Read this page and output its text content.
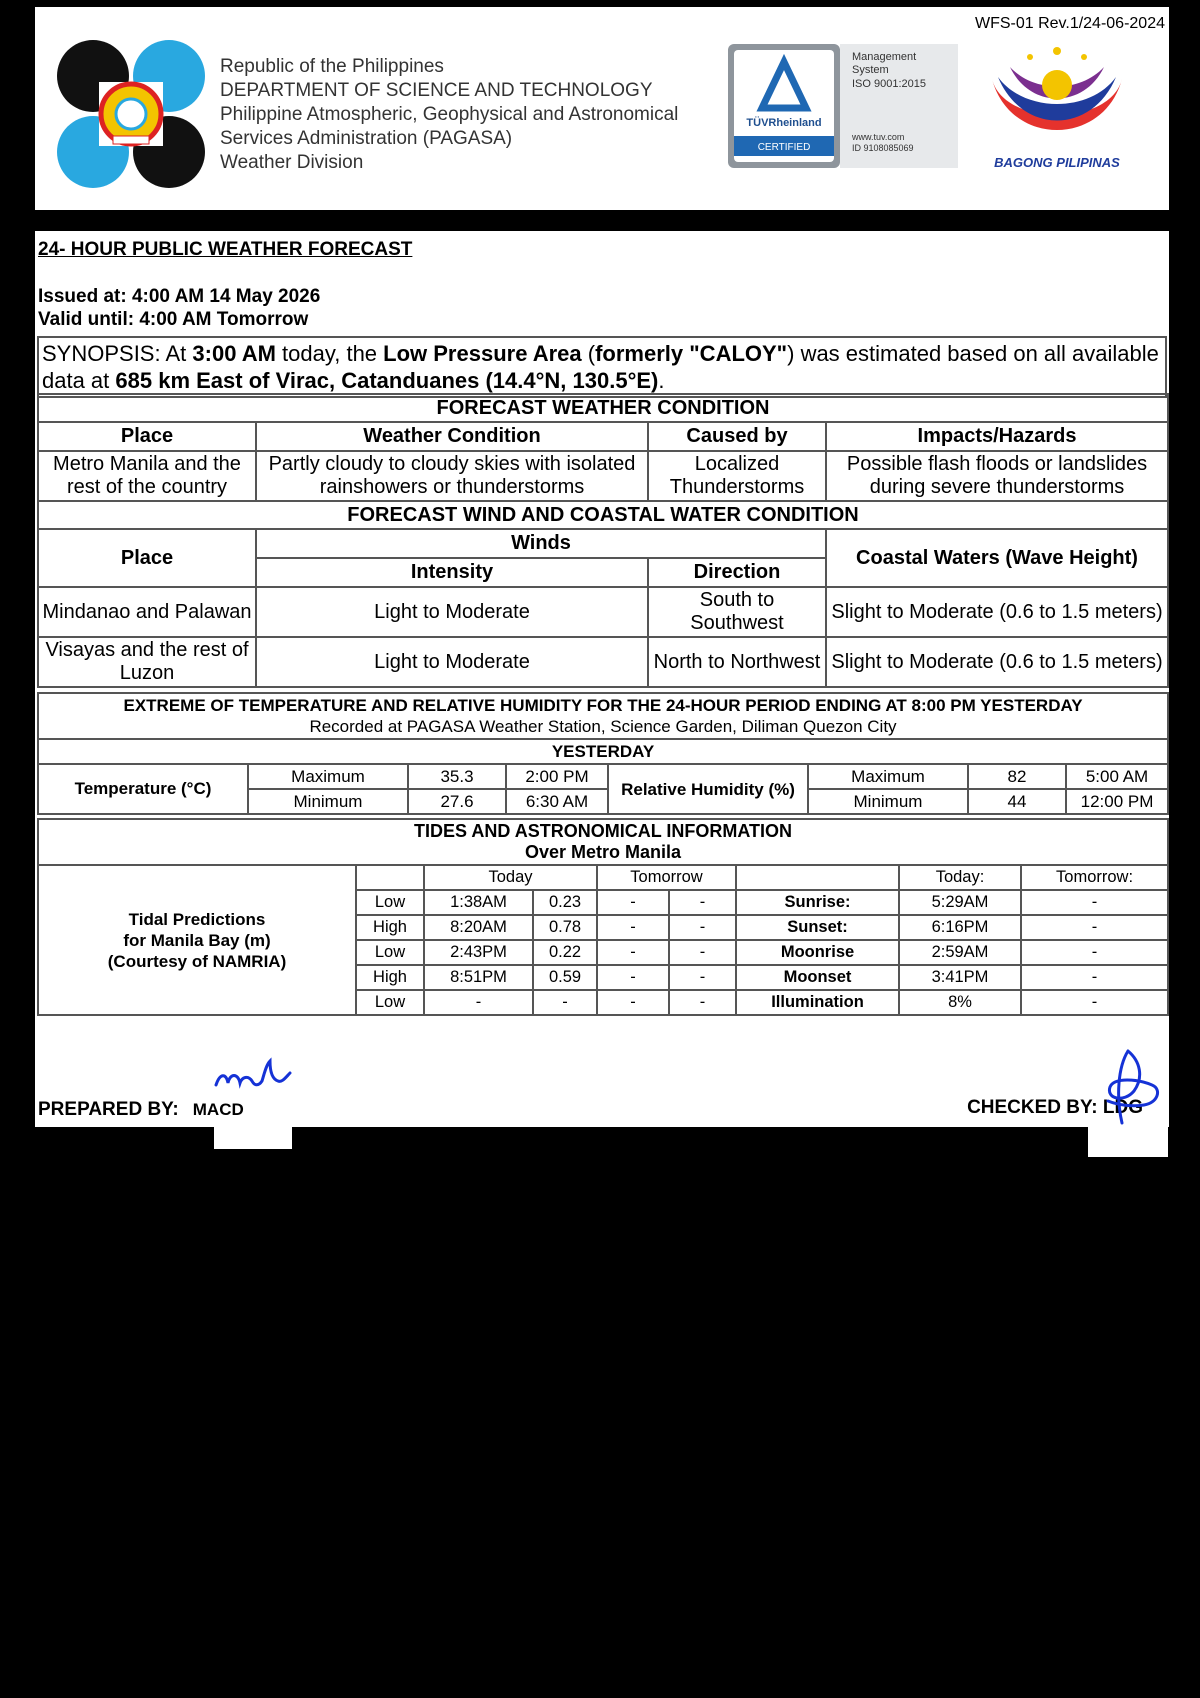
WFS-01 Rev.1/24-06-2024
Republic of the Philippines
DEPARTMENT OF SCIENCE AND TECHNOLOGY
Philippine Atmospheric, Geophysical and Astronomical
Services Administration (PAGASA)
Weather Division
TÜVRheinland
CERTIFIED
Management
System
ISO 9001:2015
www.tuv.com
ID 9108085069
BAGONG PILIPINAS
24- HOUR PUBLIC WEATHER FORECAST
Issued at: 4:00 AM 14 May 2026
Valid until: 4:00 AM Tomorrow
SYNOPSIS: At 3:00 AM today, the Low Pressure Area (formerly "CALOY") was estimated based on all available data at 685 km East of Virac, Catanduanes (14.4°N, 130.5°E).
FORECAST WEATHER CONDITION			
Place	Weather Condition	Caused by	Impacts/Hazards
Metro Manila and the rest of the country	Partly cloudy to cloudy skies with isolated rainshowers or thunderstorms	Localized Thunderstorms	Possible flash floods or landslides during severe thunderstorms
FORECAST WIND AND COASTAL WATER CONDITION			
Place	Winds		Coastal Waters (Wave Height)
	Intensity	Direction	
Mindanao and Palawan	Light to Moderate	South to Southwest	Slight to Moderate (0.6 to 1.5 meters)
Visayas and the rest of Luzon	Light to Moderate	North to Northwest	Slight to Moderate (0.6 to 1.5 meters)
EXTREME OF TEMPERATURE AND RELATIVE HUMIDITY FOR THE 24-HOUR PERIOD ENDING AT 8:00 PM YESTERDAY
Recorded at PAGASA Weather Station, Science Garden, Diliman Quezon City							

YESTERDAY							
Temperature (°C)	Maximum	35.3	2:00 PM	Relative Humidity (%)	Maximum	82	5:00 AM
	Minimum	27.6	6:30 AM		Minimum	44	12:00 PM
TIDES AND ASTRONOMICAL INFORMATION
Over Metro Manila								

Tidal Predictions
for Manila Bay (m)
(Courtesy of NAMRIA)		Today		Tomorrow			Today:	Tomorrow:
	Low	1:38AM	0.23	-	-	Sunrise:	5:29AM	-
	High	8:20AM	0.78	-	-	Sunset:	6:16PM	-
	Low	2:43PM	0.22	-	-	Moonrise	2:59AM	-
	High	8:51PM	0.59	-	-	Moonset	3:41PM	-
	Low	-	-	-	-	Illumination	8%	-
PREPARED BY: MACD	CHECKED BY: LDG
